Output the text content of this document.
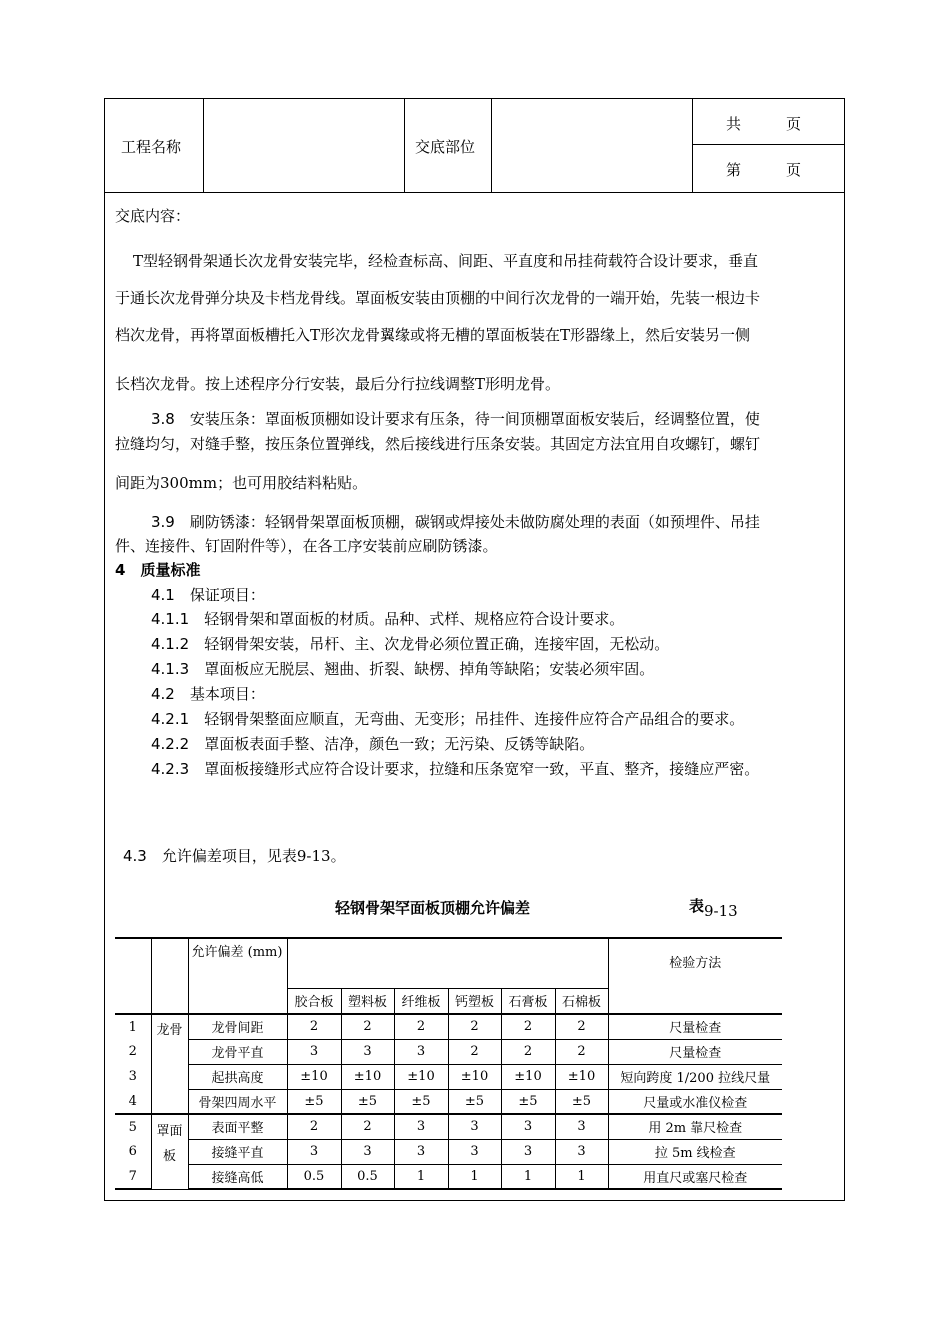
工程名称	交底部位
共　　　页
第　　　页
交底内容：
T型轻钢骨架通长次龙骨安装完毕，经检查标高、间距、平直度和吊挂荷载符合设计要求，垂直
于通长次龙骨弹分块及卡档龙骨线。罩面板安装由顶棚的中间行次龙骨的一端开始，先装一根边卡
档次龙骨，再将罩面板槽托入T形次龙骨翼缘或将无槽的罩面板装在T形器缘上，然后安装另一侧
长档次龙骨。按上述程序分行安装，最后分行拉线调整T形明龙骨。
3.8　 安装压条：罩面板顶棚如设计要求有压条，待一间顶棚罩面板安装后，经调整位置，使
拉缝均匀，对缝手整，按压条位置弹线，然后接线进行压条安装。其固定方法宜用自攻螺钉，螺钉
间距为300mm；也可用胶结料粘贴。
3.9　 刷防锈漆：轻钢骨架罩面板顶棚，碳钢或焊接处未做防腐处理的表面（如预埋件、吊挂
件、连接件、钉固附件等），在各工序安装前应刷防锈漆。
4　 质量标准
4.1　 保证项目：
4.1.1　 轻钢骨架和罩面板的材质。品种、式样、规格应符合设计要求。
4.1.2　 轻钢骨架安装，吊杆、主、次龙骨必须位置正确，连接牢固，无松动。
4.1.3　 罩面板应无脱层、翘曲、折裂、缺楞、掉角等缺陷；安装必须牢固。
4.2　 基本项目：
4.2.1　 轻钢骨架整面应顺直，无弯曲、无变形；吊挂件、连接件应符合产品组合的要求。
4.2.2　 罩面板表面手整、洁净，颜色一致；无污染、反锈等缺陷。
4.2.3　 罩面板接缝形式应符合设计要求，拉缝和压条宽窄一致，平直、整齐，接缝应严密。
4.3　 允许偏差项目，见表9-13。
轻钢骨架罕面板顶棚允许偏差	表9-13
		允许偏差 (mm)							检验方法
			胶合板	塑料板	纤维板	钙塑板	石膏板	石棉板	
1	龙骨	龙骨间距	2	2	2	2	2	2	尺量检查
2		龙骨平直	3	3	3	2	2	2	尺量检查
3		起拱高度	±10	±10	±10	±10	±10	±10	短向跨度 1/200 拉线尺量
4		骨架四周水平	±5	±5	±5	±5	±5	±5	尺量或水准仪检查
5	罩面
板	表面平整	2	2	3	3	3	3	用 2m 靠尺检查
6		接缝平直	3	3	3	3	3	3	拉 5m 线检查
7		接缝高低	0.5	0.5	1	1	1	1	用直尺或塞尺检查
